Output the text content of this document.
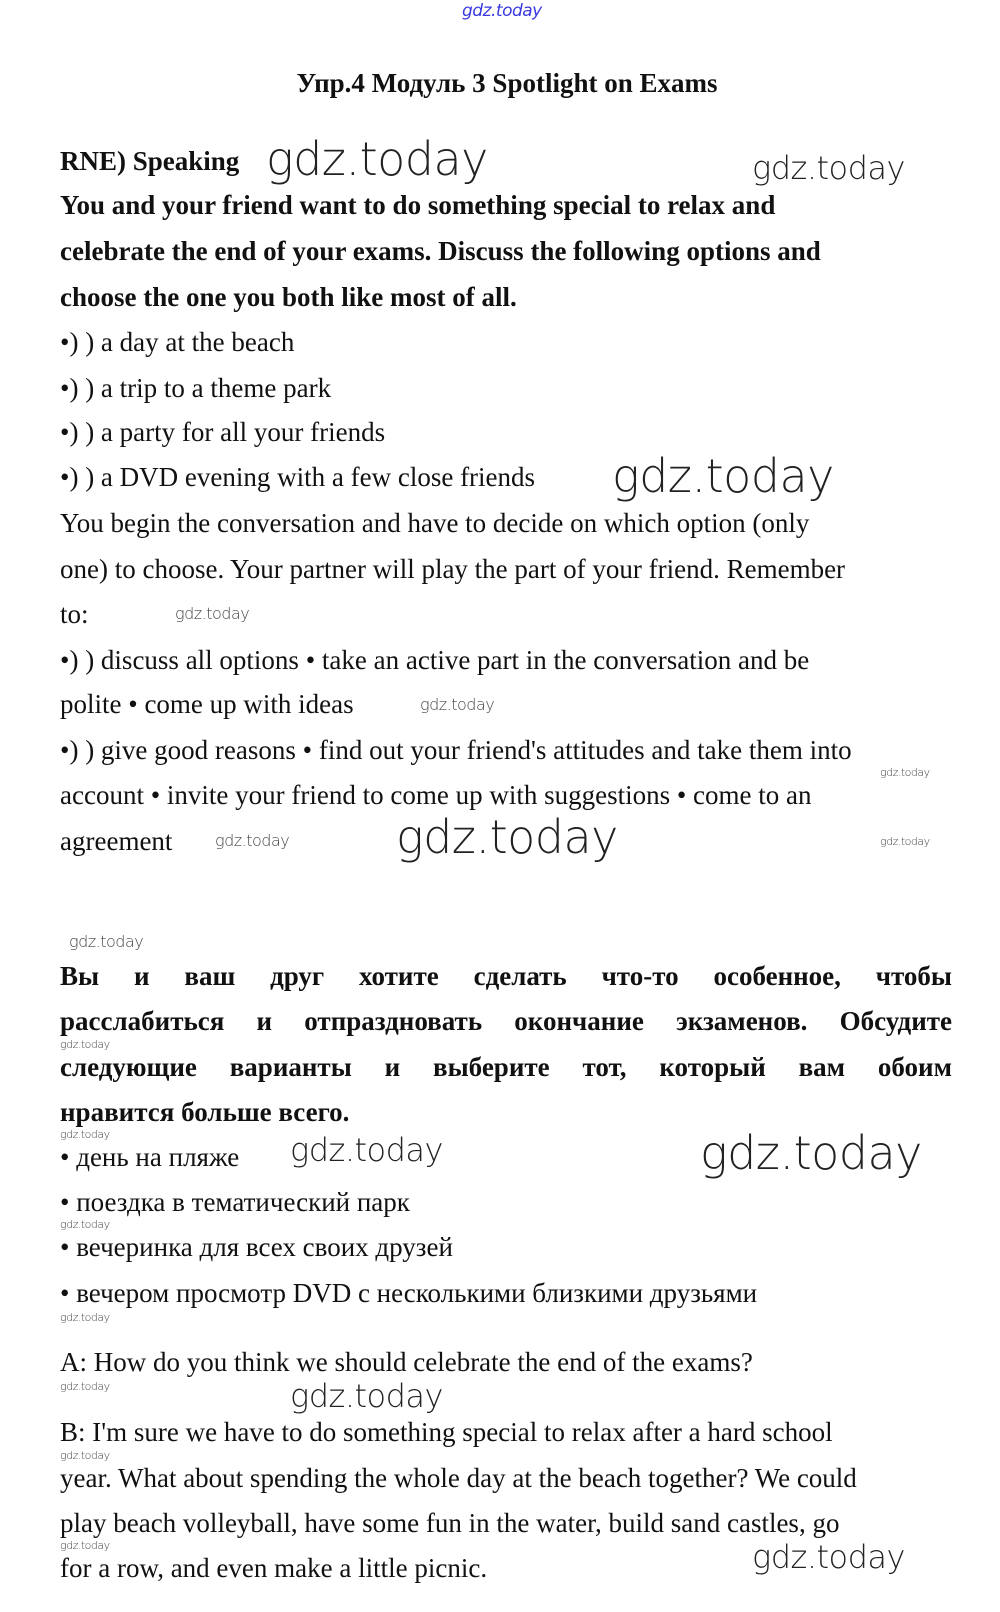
gdz.today
Упр.4 Модуль 3 Spotlight on Exams
RNE) Speaking
You and your friend want to do something special to relax and
celebrate the end of your exams. Discuss the following options and
choose the one you both like most of all.
•) ) a day at the beach
•) ) a trip to a theme park
•) ) a party for all your friends
•) ) a DVD evening with a few close friends
You begin the conversation and have to decide on which option (only
one) to choose. Your partner will play the part of your friend. Remember
to:
•) ) discuss all options • take an active part in the conversation and be
polite • come up with ideas
•) ) give good reasons • find out your friend's attitudes and take them into
account • invite your friend to come up with suggestions • come to an
agreement
Вы и ваш друг хотите сделать что-то особенное, чтобы
расслабиться и отпраздновать окончание экзаменов. Обсудите
следующие варианты и выберите тот, который вам обоим
нравится больше всего.
• день на пляже
• поездка в тематический парк
• вечеринка для всех своих друзей
• вечером просмотр DVD с несколькими близкими друзьями
A: How do you think we should celebrate the end of the exams?
B: I'm sure we have to do something special to relax after a hard school
year. What about spending the whole day at the beach together? We could
play beach volleyball, have some fun in the water, build sand castles, go
for a row, and even make a little picnic.
gdz.today	gdz.today
gdz.today
gdz.today
gdz.today
gdz.today
gdz.today gdz.today	gdz.today
gdz.today
gdz.today
gdz.today	gdz.today	gdz.today
gdz.today
gdz.today
gdz.today	gdz.today
gdz.today
gdz.today	gdz.today
